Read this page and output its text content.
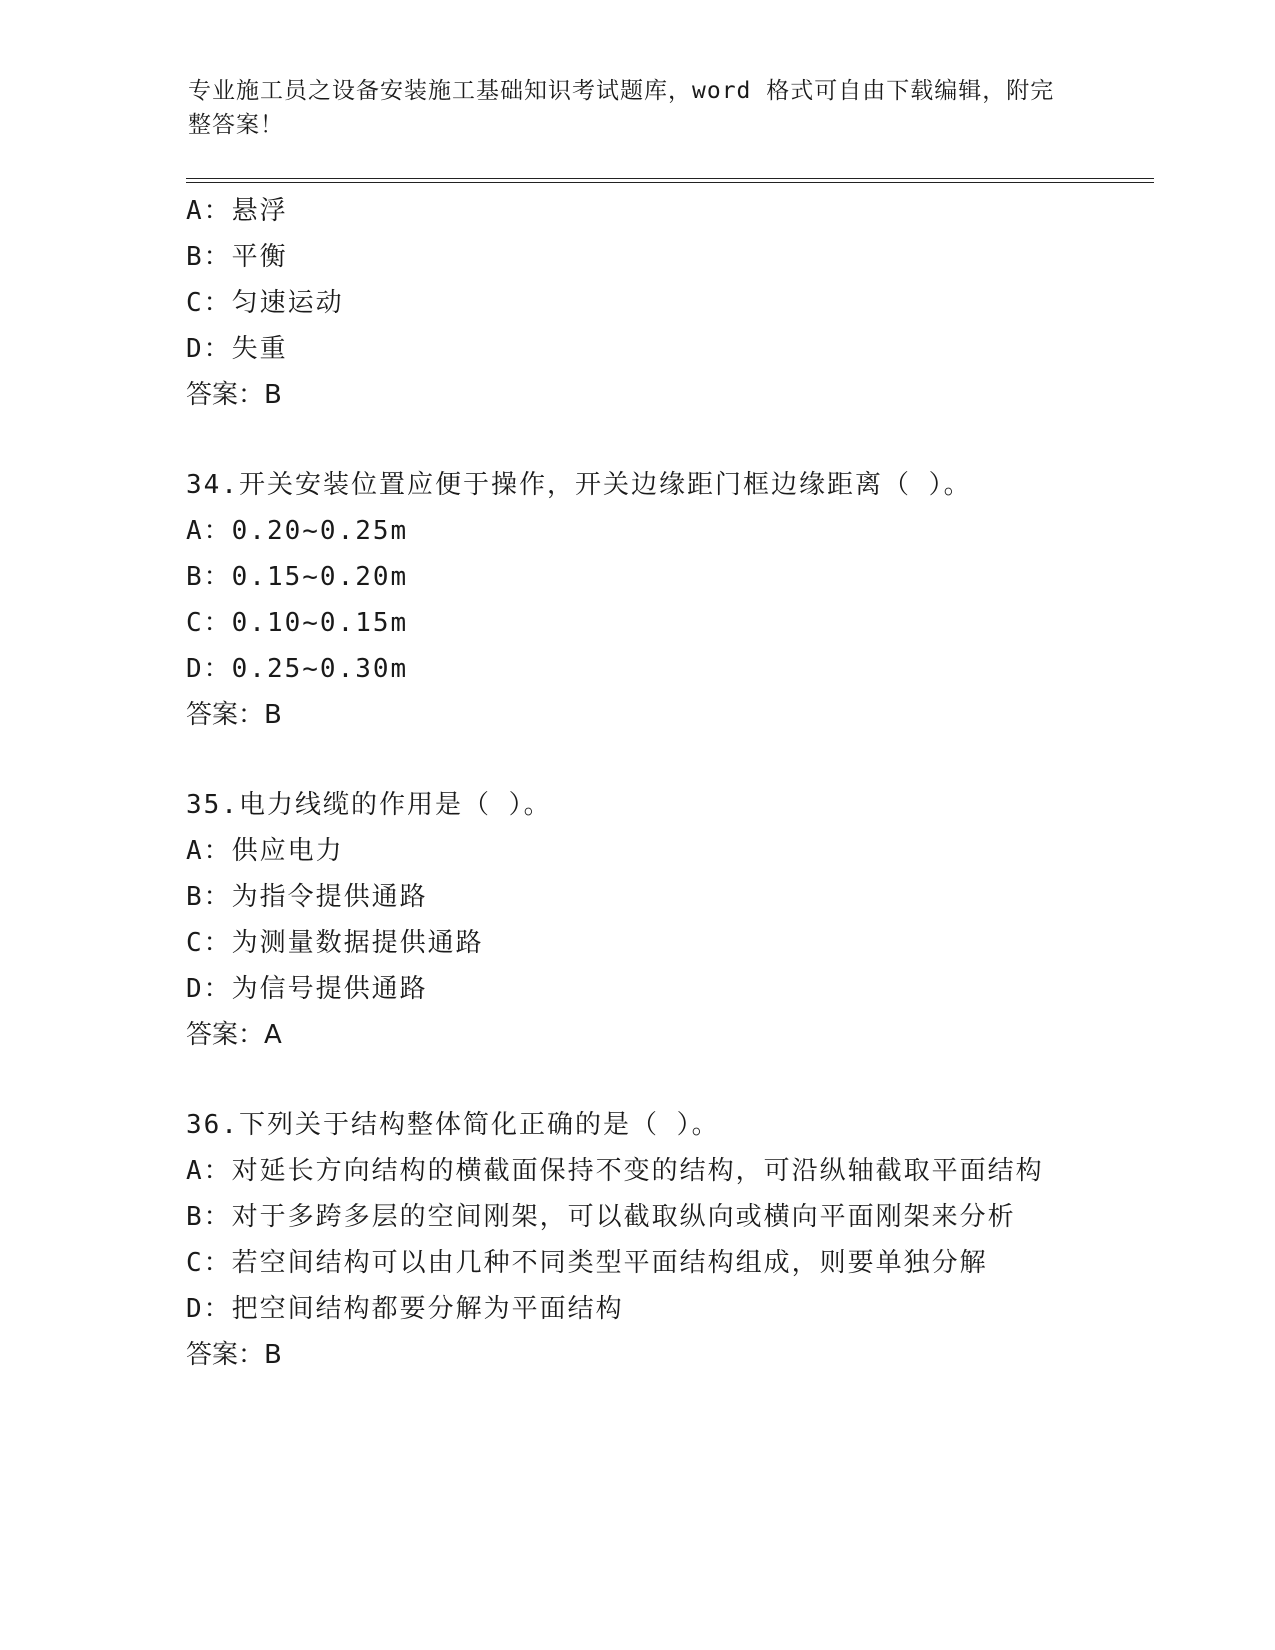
专业施工员之设备安装施工基础知识考试题库，word 格式可自由下载编辑，附完
整答案！
A：悬浮
B：平衡
C：匀速运动
D：失重
答案：B
34.开关安装位置应便于操作，开关边缘距门框边缘距离（ ）。
A：0.20~0.25m
B：0.15~0.20m
C：0.10~0.15m
D：0.25~0.30m
答案：B
35.电力线缆的作用是（ ）。
A：供应电力
B：为指令提供通路
C：为测量数据提供通路
D：为信号提供通路
答案：A
36.下列关于结构整体简化正确的是（ ）。
A：对延长方向结构的横截面保持不变的结构，可沿纵轴截取平面结构
B：对于多跨多层的空间刚架，可以截取纵向或横向平面刚架来分析
C：若空间结构可以由几种不同类型平面结构组成，则要单独分解
D：把空间结构都要分解为平面结构
答案：B
